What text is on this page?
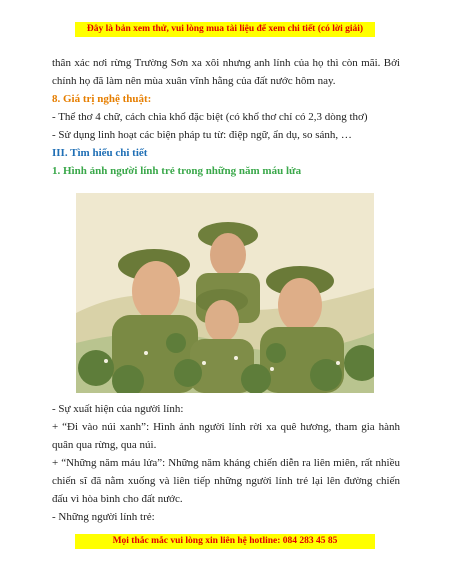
Đây là bản xem thử, vui lòng mua tài liệu để xem chi tiết (có lời giải)

thân xác nơi rừng Trường Sơn xa xôi nhưng anh lính của họ thì còn mãi. Bởi chính họ đã làm nên mùa xuân vĩnh hằng của đất nước hôm nay.

8. Giá trị nghệ thuật:

- Thể thơ 4 chữ, cách chia khổ đặc biệt (có khổ thơ chỉ có 2,3 dòng thơ)

- Sử dụng linh hoạt các biện pháp tu từ: điệp ngữ, ẩn dụ, so sánh, …

III. Tìm hiểu chi tiết

1. Hình ảnh người lính trẻ trong những năm máu lửa

- Sự xuất hiện của người lính:

+ “Đi vào núi xanh”: Hình ảnh người lính rời xa quê hương, tham gia hành quân qua rừng, qua núi.

+ “Những năm máu lửa”: Những năm kháng chiến diễn ra liên miên, rất nhiều chiến sĩ đã nằm xuống và liên tiếp những người lính trẻ lại lên đường chiến đấu vì hòa bình cho đất nước.

- Những người lính trẻ:

Mọi thắc mắc vui lòng xin liên hệ hotline: 084 283 45 85
